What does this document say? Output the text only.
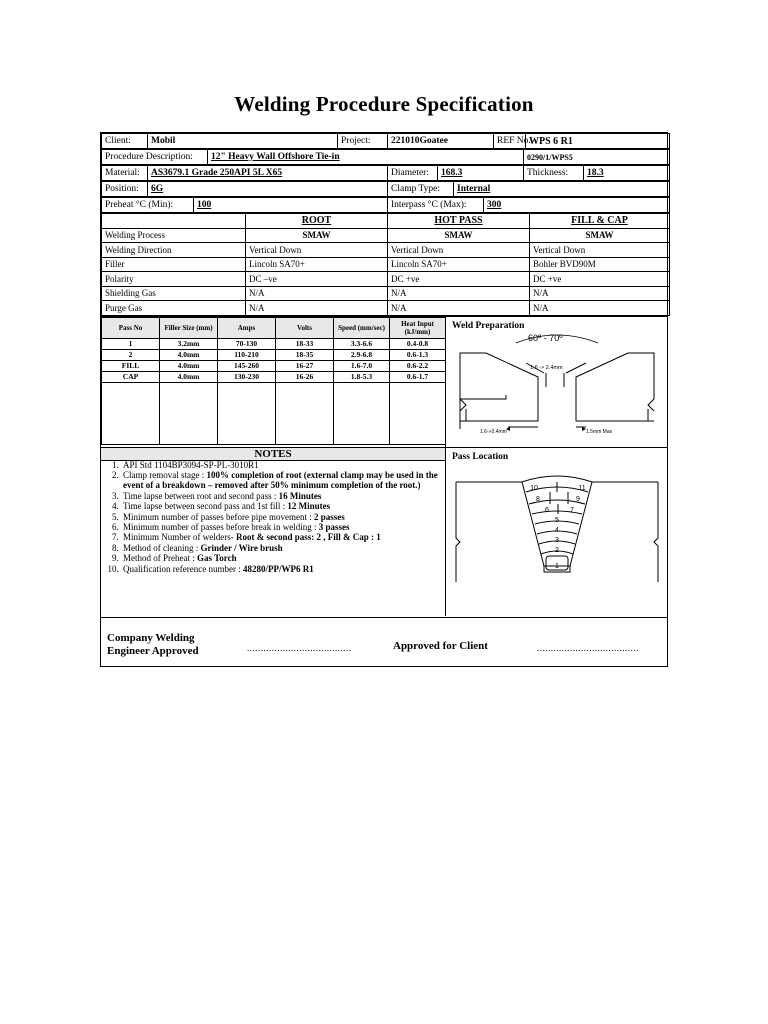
Welding Procedure Specification
Client:	Mobil	Project:	221010Goatee	REF No.	WPS 6 R1
Procedure Description:	12" Heavy Wall Offshore Tie-in	0290/1/WPS5
Material:	AS3679.1 Grade 250API 5L X65	Diameter:	168.3	Thickness:	18.3
Position:	6G	Clamp Type:	Internal
Preheat °C (Min):	100	Interpass °C (Max):	300
	ROOT	HOT PASS	FILL & CAP
Welding Process	SMAW	SMAW	SMAW
Welding Direction	Vertical Down	Vertical Down	Vertical Down
Filler	Lincoln SA70+	Lincoln SA70+	Bohler BVD90M
Polarity	DC –ve	DC +ve	DC +ve
Shielding Gas	N/A	N/A	N/A
Purge Gas	N/A	N/A	N/A
Pass No	Filler Size (mm)	Amps	Volts	Speed (mm/sec)	Heat Input (kJ/mm)
1	3.2mm	70-130	18-33	3.3-6.6	0.4-0.8
2	4.0mm	110-210	18-35	2.9-6.8	0.6-1.3
FILL	4.0mm	145-260	16-27	1.6-7.0	0.6-2.2
CAP	4.0mm	130-230	16-26	1.8-5.3	0.6-1.7

Weld Preparation
60º - 70º
1.6 -> 2.4mm
1.6->2.4mm	1.5mm Max
NOTES
1. API Std 1104BP3094-SP-PL-3010R1
2. Clamp removal stage : 100% completion of root (external clamp may be used in the event of a breakdown – removed after 50% minimum completion of the root.)
3. Time lapse between root and second pass : 16 Minutes
4. Time lapse between second pass and 1st fill : 12 Minutes
5. Minimum number of passes before pipe movement : 2 passes
6. Minimum number of passes before break in welding : 3 passes
7. Minimum Number of welders- Root & second pass: 2 , Fill & Cap : 1
8. Method of cleaning : Grinder / Wire brush
9. Method of Preheat : Gas Torch
10. Qualification reference number : 48280/PP/WP6 R1
Pass Location
1
2
3
4
5
6	7
8	9
10	11
Company Welding Engineer Approved	......................................	Approved for Client	.....................................
